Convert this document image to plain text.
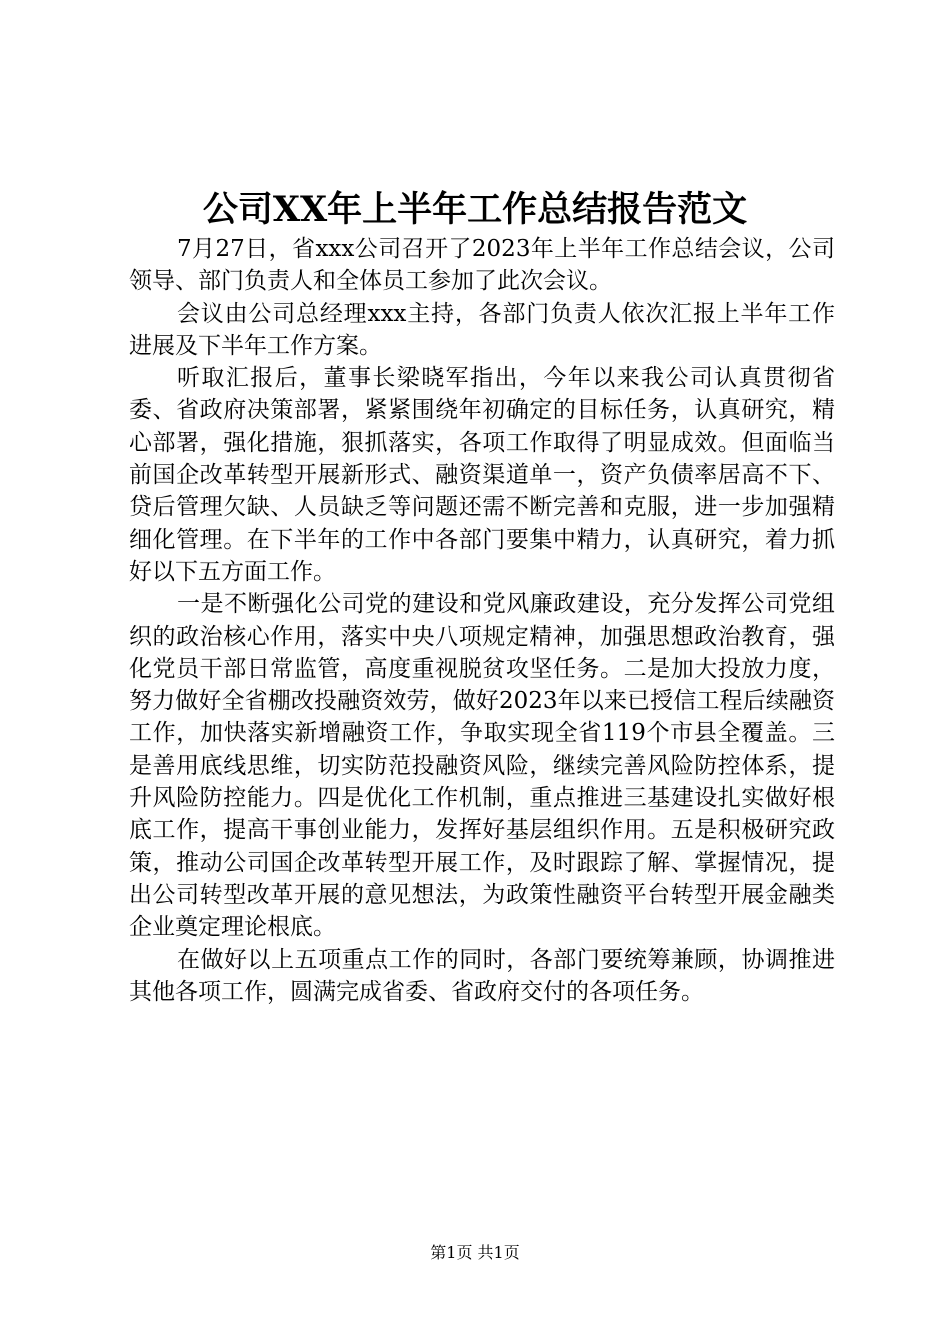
公司XX年上半年工作总结报告范文

7月27日，省xxx公司召开了2023年上半年工作总结会议，公司领导、部门负责人和全体员工参加了此次会议。

会议由公司总经理xxx主持，各部门负责人依次汇报上半年工作进展及下半年工作方案。

听取汇报后，董事长梁晓军指出，今年以来我公司认真贯彻省委、省政府决策部署，紧紧围绕年初确定的目标任务，认真研究，精心部署，强化措施，狠抓落实，各项工作取得了明显成效。但面临当前国企改革转型开展新形式、融资渠道单一，资产负债率居高不下、贷后管理欠缺、人员缺乏等问题还需不断完善和克服，进一步加强精细化管理。在下半年的工作中各部门要集中精力，认真研究，着力抓好以下五方面工作。

一是不断强化公司党的建设和党风廉政建设，充分发挥公司党组织的政治核心作用，落实中央八项规定精神，加强思想政治教育，强化党员干部日常监管，高度重视脱贫攻坚任务。二是加大投放力度，努力做好全省棚改投融资效劳，做好2023年以来已授信工程后续融资工作，加快落实新增融资工作，争取实现全省119个市县全覆盖。三是善用底线思维，切实防范投融资风险，继续完善风险防控体系，提升风险防控能力。四是优化工作机制，重点推进三基建设扎实做好根底工作，提高干事创业能力，发挥好基层组织作用。五是积极研究政策，推动公司国企改革转型开展工作，及时跟踪了解、掌握情况，提出公司转型改革开展的意见想法，为政策性融资平台转型开展金融类企业奠定理论根底。

在做好以上五项重点工作的同时，各部门要统筹兼顾，协调推进其他各项工作，圆满完成省委、省政府交付的各项任务。

第1页 共1页
